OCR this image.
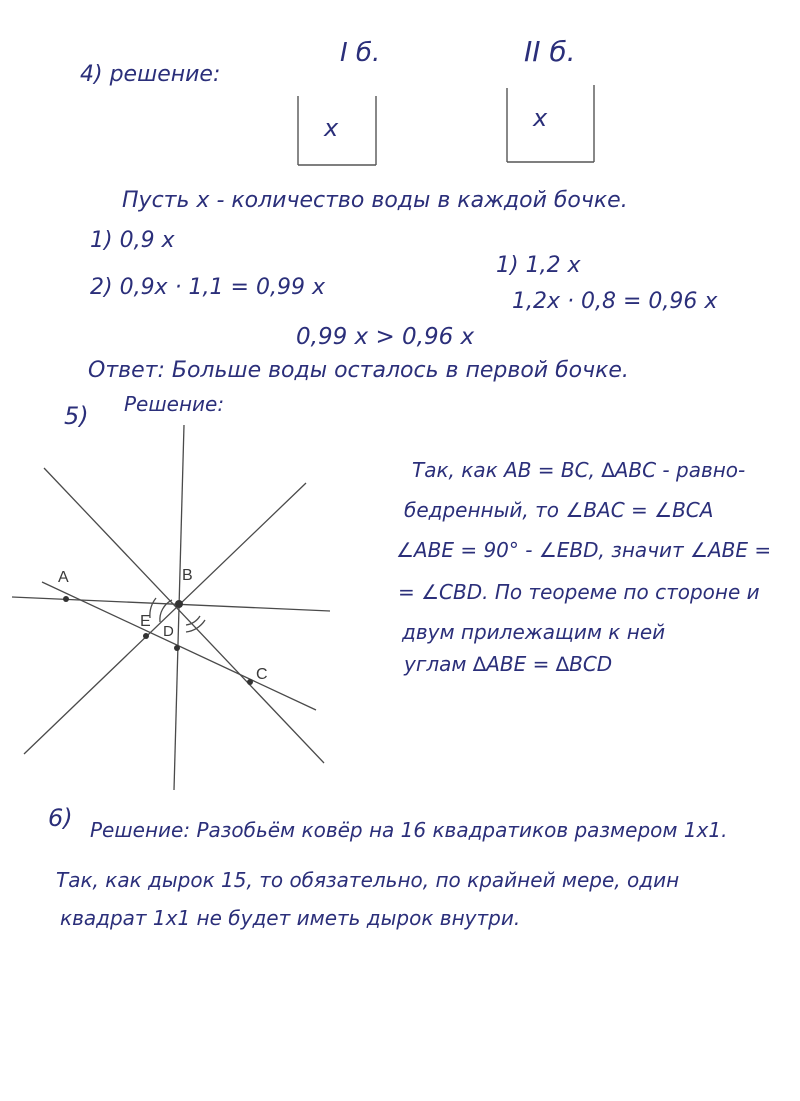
4) решение:
I б.
x
II б.
x
Пусть x - количество воды в каждой бочке.
1) 0,9 x
2) 0,9x · 1,1 = 0,99 x
1) 1,2 x
1,2x · 0,8 = 0,96 x
0,99 x > 0,96 x
Ответ: Больше воды осталось в первой бочке.
5) Решение:
A	B
E
D
C
Так, как AB = BC, ∆ABC - равно-
бедренный, то ∠BAC = ∠BCA
∠ABE = 90° - ∠EBD, значит ∠ABE =
= ∠CBD. По теореме по стороне и
двум прилежащим к ней
углам ∆ABE = ∆BCD
6) Решение: Разобьём ковёр на 16 квадратиков размером 1x1.
Так, как дырок 15, то обязательно, по крайней мере, один
квадрат 1x1 не будет иметь дырок внутри.
